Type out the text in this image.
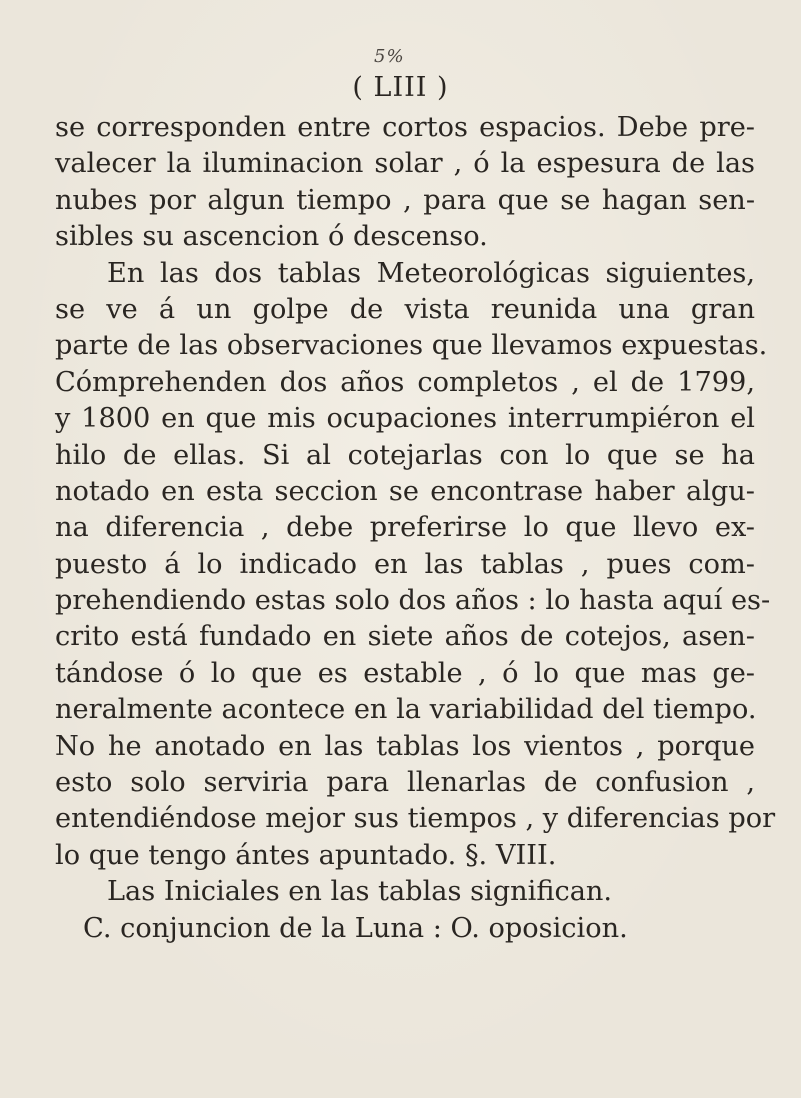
5%
( LIII )
se corresponden entre cortos espacios. Debe pre-
valecer la iluminacion solar , ó la espesura de las
nubes por algun tiempo , para que se hagan sen-
sibles su ascencion ó descenso.
En las dos tablas Meteorológicas siguientes,
se ve á un golpe de vista reunida una gran
parte de las observaciones que llevamos expuestas.
Cómprehenden dos años completos , el de 1799,
y 1800 en que mis ocupaciones interrumpiéron el
hilo de ellas. Si al cotejarlas con lo que se ha
notado en esta seccion se encontrase haber algu-
na diferencia , debe preferirse lo que llevo ex-
puesto á lo indicado en las tablas , pues com-
prehendiendo estas solo dos años : lo hasta aquí es-
crito está fundado en siete años de cotejos, asen-
tándose ó lo que es estable , ó lo que mas ge-
neralmente acontece en la variabilidad del tiempo.
No he anotado en las tablas los vientos , porque
esto solo serviria para llenarlas de confusion ,
entendiéndose mejor sus tiempos , y diferencias por
lo que tengo ántes apuntado. §. VIII.
Las Iniciales en las tablas significan.
C. conjuncion de la Luna : O. oposicion.
